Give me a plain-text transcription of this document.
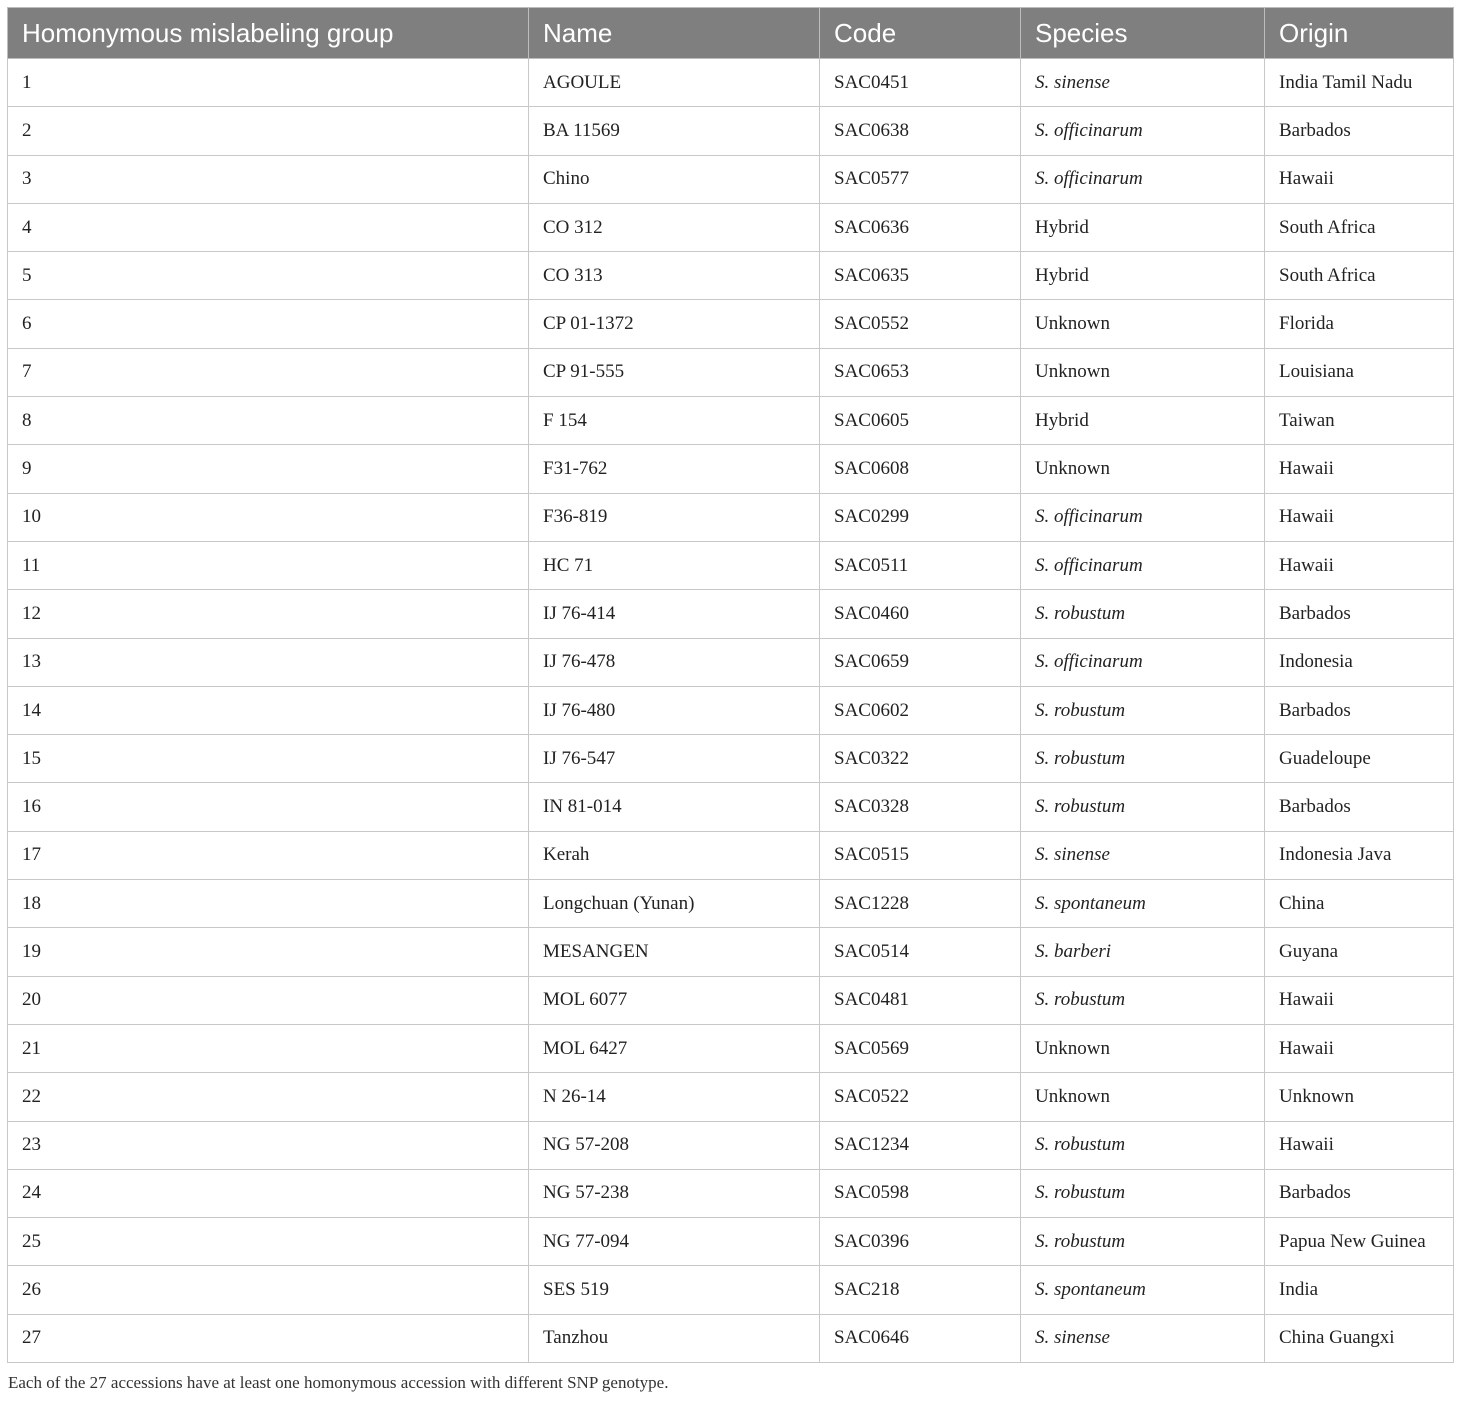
Homonymous mislabeling group	Name	Code	Species	Origin
1	AGOULE	SAC0451	S. sinense	India Tamil Nadu
2	BA 11569	SAC0638	S. officinarum	Barbados
3	Chino	SAC0577	S. officinarum	Hawaii
4	CO 312	SAC0636	Hybrid	South Africa
5	CO 313	SAC0635	Hybrid	South Africa
6	CP 01-1372	SAC0552	Unknown	Florida
7	CP 91-555	SAC0653	Unknown	Louisiana
8	F 154	SAC0605	Hybrid	Taiwan
9	F31-762	SAC0608	Unknown	Hawaii
10	F36-819	SAC0299	S. officinarum	Hawaii
11	HC 71	SAC0511	S. officinarum	Hawaii
12	IJ 76-414	SAC0460	S. robustum	Barbados
13	IJ 76-478	SAC0659	S. officinarum	Indonesia
14	IJ 76-480	SAC0602	S. robustum	Barbados
15	IJ 76-547	SAC0322	S. robustum	Guadeloupe
16	IN 81-014	SAC0328	S. robustum	Barbados
17	Kerah	SAC0515	S. sinense	Indonesia Java
18	Longchuan (Yunan)	SAC1228	S. spontaneum	China
19	MESANGEN	SAC0514	S. barberi	Guyana
20	MOL 6077	SAC0481	S. robustum	Hawaii
21	MOL 6427	SAC0569	Unknown	Hawaii
22	N 26-14	SAC0522	Unknown	Unknown
23	NG 57-208	SAC1234	S. robustum	Hawaii
24	NG 57-238	SAC0598	S. robustum	Barbados
25	NG 77-094	SAC0396	S. robustum	Papua New Guinea
26	SES 519	SAC218	S. spontaneum	India
27	Tanzhou	SAC0646	S. sinense	China Guangxi
Each of the 27 accessions have at least one homonymous accession with different SNP genotype.
